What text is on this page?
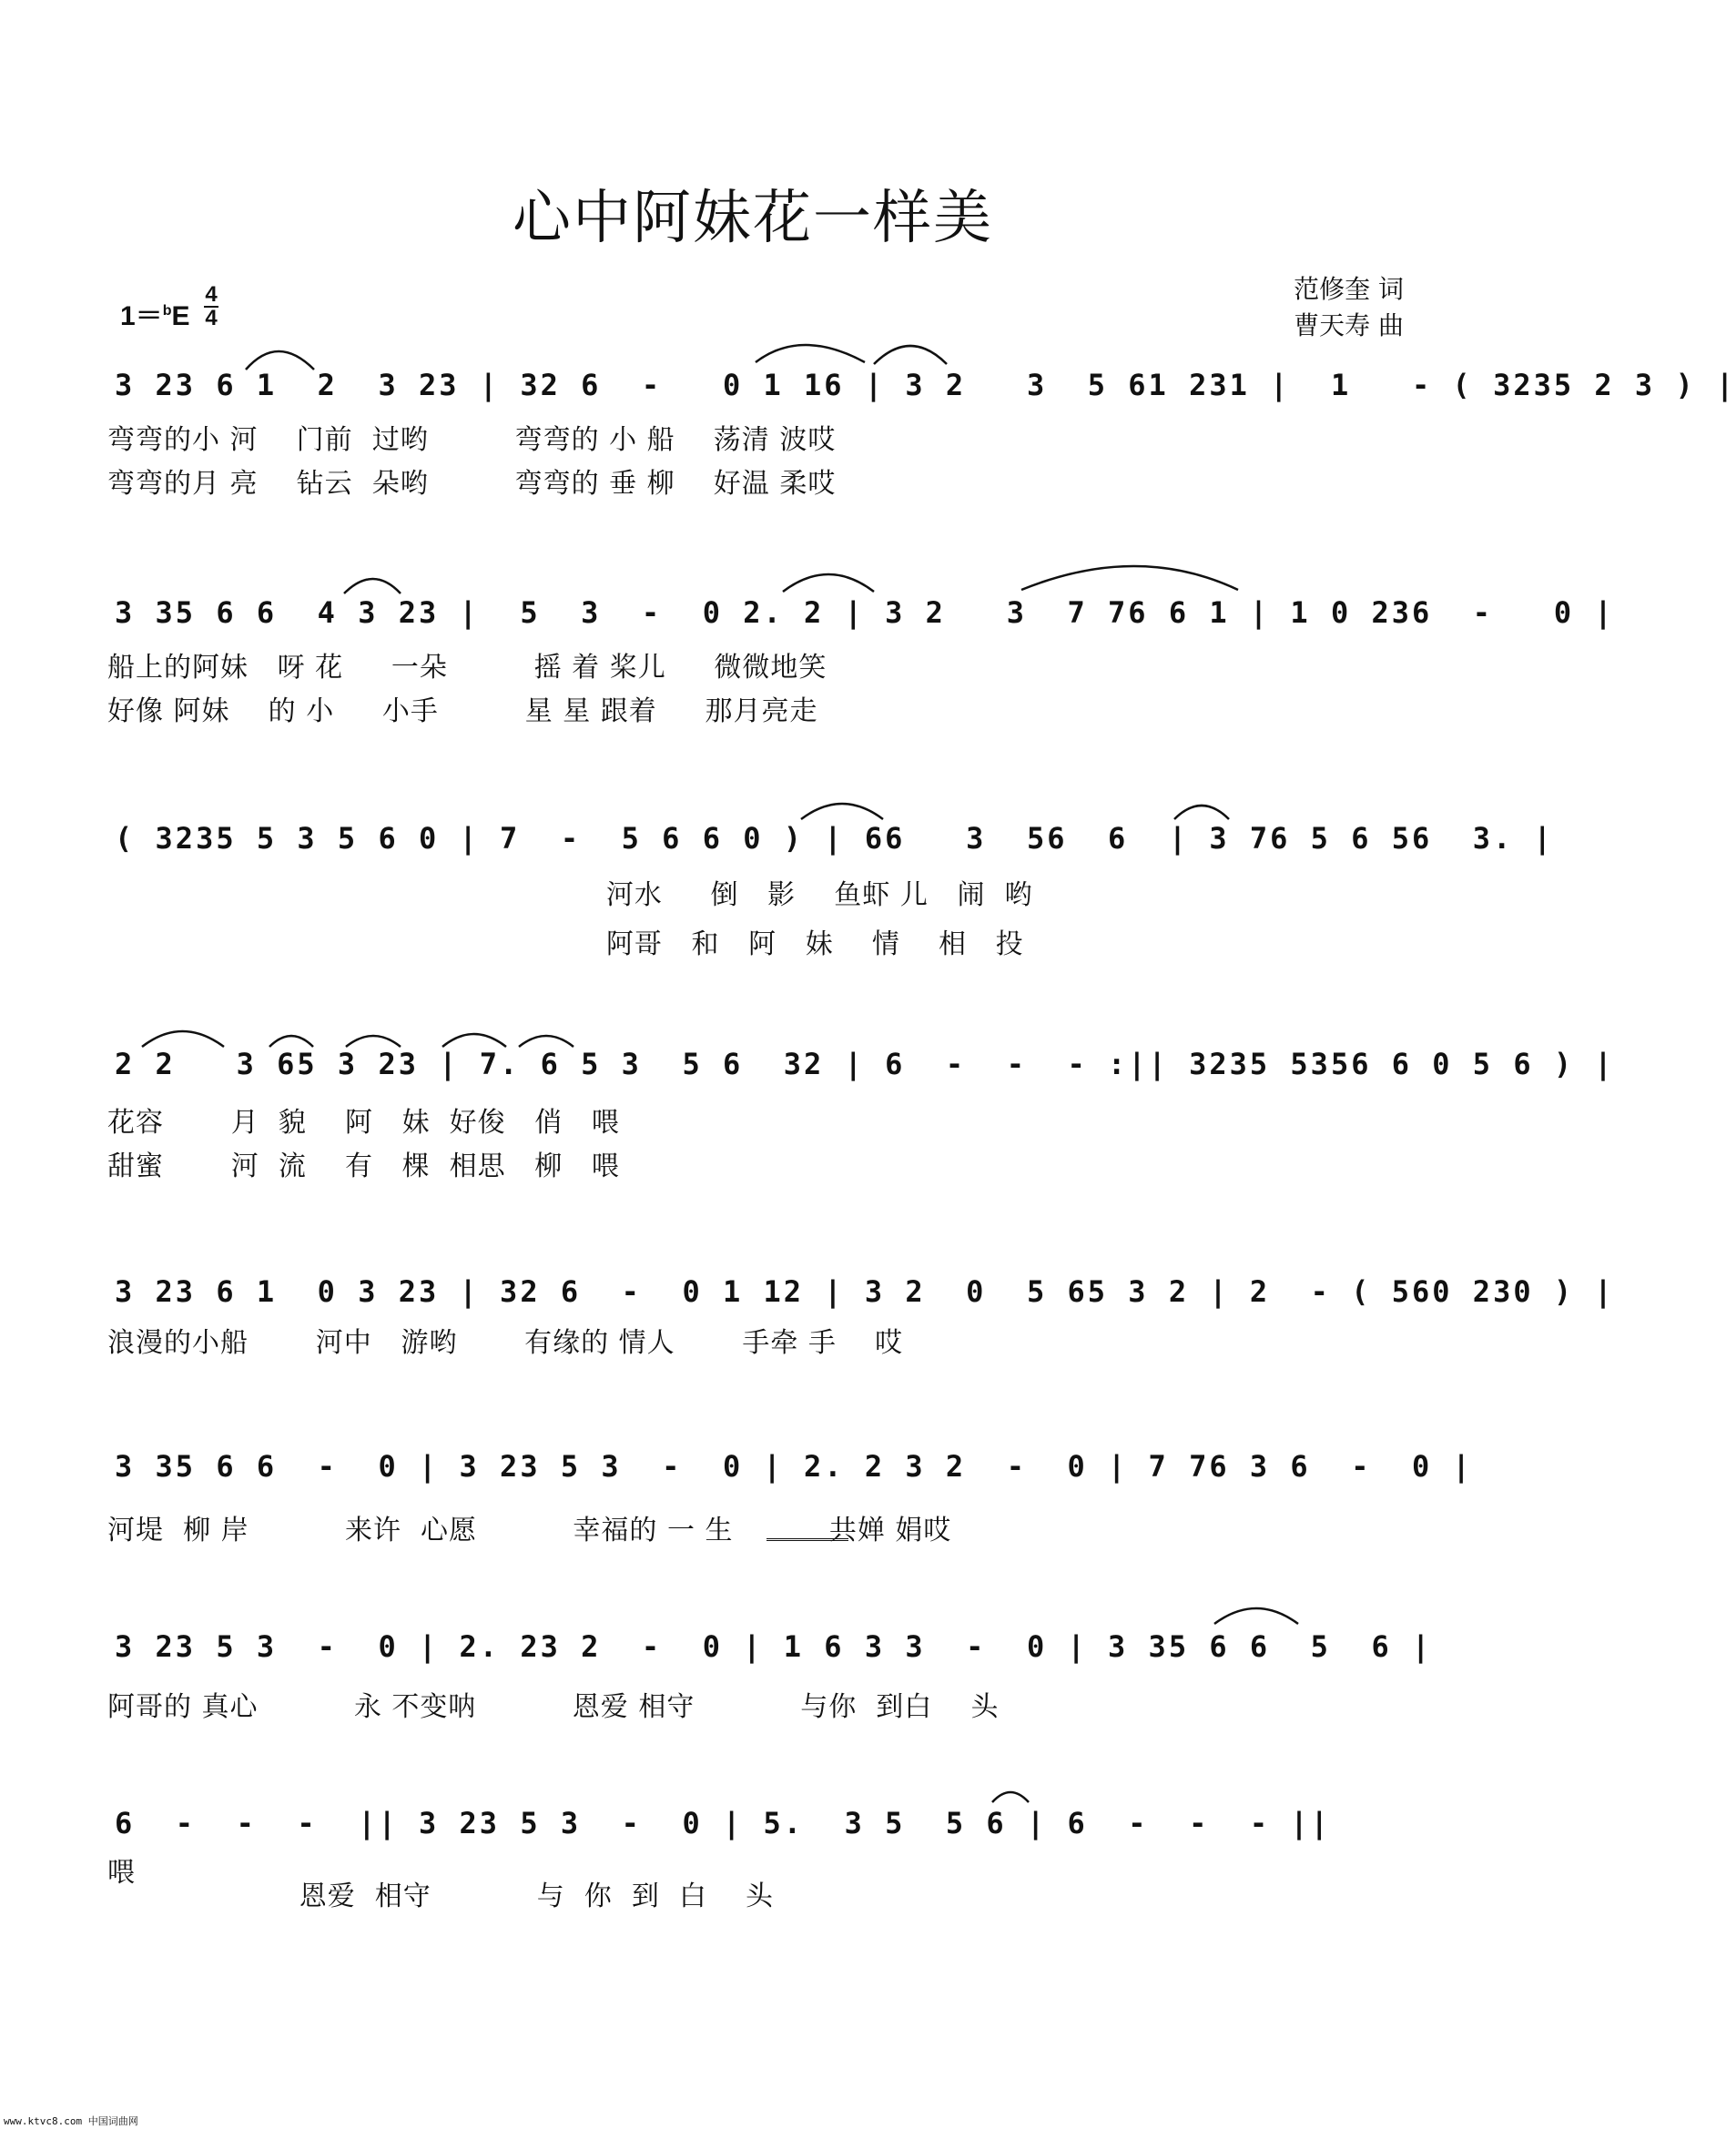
心中阿妹花一样美
范修奎 词
曹天寿 曲
1＝$^b$E
4
4
3 23 6 1  2  3 23 | 32 6  -   0 1 16 | 3 2   3  5 61 231 |  1   - ( 3235 2 3 ) |
弯弯的小 河    门前  过哟         弯弯的 小 船    荡清 波哎
弯弯的月 亮    钻云  朵哟         弯弯的 垂 柳    好温 柔哎
3 35 6 6  4 3 23 |  5  3  -  0 2. 2 | 3 2   3  7 76 6 1 | 1 0 236  -   0 |
船上的阿妹   呀 花     一朵         摇 着 桨儿     微微地笑
好像 阿妹    的 小     小手         星 星 跟着     那月亮走
( 3235 5 3 5 6 0 | 7  -  5 6 6 0 ) | 66   3  56  6  | 3 76 5 6 56  3. |
河水     倒   影    鱼虾 儿   闹  哟
阿哥   和   阿   妹    情    相   投
2 2   3 65 3 23 | 7. 6 5 3  5 6  32 | 6  -  -  - :|| 3235 5356 6 0 5 6 ) |
花容       月  貌    阿   妹  好俊   俏   喂
甜蜜       河  流    有   棵  相思   柳   喂
3 23 6 1  0 3 23 | 32 6  -  0 1 12 | 3 2  0  5 65 3 2 | 2  - ( 560 230 ) |
浪漫的小船       河中   游哟       有缘的 情人       手牵 手    哎
3 35 6 6  -  0 | 3 23 5 3  -  0 | 2. 2 3 2  -  0 | 7 76 3 6  -  0 |
河堤  柳 岸          来许  心愿          幸福的 一 生          共婵 娟哎
3 23 5 3  -  0 | 2. 23 2  -  0 | 1 6 3 3  -  0 | 3 35 6 6  5  6 |
阿哥的 真心          永 不变呐          恩爱 相守           与你  到白    头
6  -  -  -  || 3 23 5 3  -  0 | 5.  3 5  5 6 | 6  -  -  - ||
喂
恩爱  相守           与  你  到  白    头
www.ktvc8.com 中国词曲网
